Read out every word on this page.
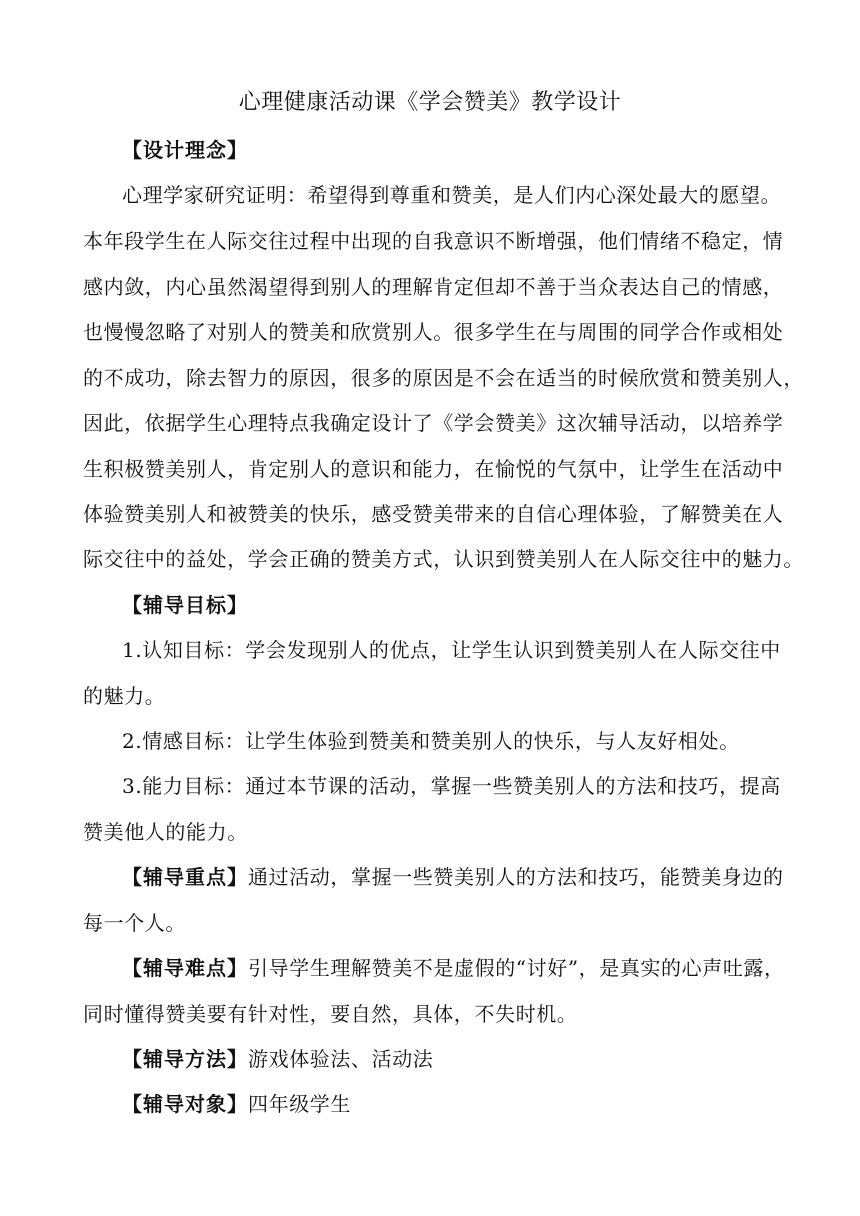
心理健康活动课《学会赞美》教学设计
【设计理念】
心理学家研究证明：希望得到尊重和赞美，是人们内心深处最大的愿望。
本年段学生在人际交往过程中出现的自我意识不断增强，他们情绪不稳定，情
感内敛，内心虽然渴望得到别人的理解肯定但却不善于当众表达自己的情感，
也慢慢忽略了对别人的赞美和欣赏别人。很多学生在与周围的同学合作或相处
的不成功，除去智力的原因，很多的原因是不会在适当的时候欣赏和赞美别人，
因此，依据学生心理特点我确定设计了《学会赞美》这次辅导活动，以培养学
生积极赞美别人，肯定别人的意识和能力，在愉悦的气氛中，让学生在活动中
体验赞美别人和被赞美的快乐，感受赞美带来的自信心理体验，了解赞美在人
际交往中的益处，学会正确的赞美方式，认识到赞美别人在人际交往中的魅力。
【辅导目标】
1.认知目标：学会发现别人的优点，让学生认识到赞美别人在人际交往中
的魅力。
2.情感目标：让学生体验到赞美和赞美别人的快乐，与人友好相处。
3.能力目标：通过本节课的活动，掌握一些赞美别人的方法和技巧，提高
赞美他人的能力。
【辅导重点】通过活动，掌握一些赞美别人的方法和技巧，能赞美身边的
每一个人。
【辅导难点】引导学生理解赞美不是虚假的“讨好”，是真实的心声吐露，
同时懂得赞美要有针对性，要自然，具体，不失时机。
【辅导方法】游戏体验法、活动法
【辅导对象】四年级学生
